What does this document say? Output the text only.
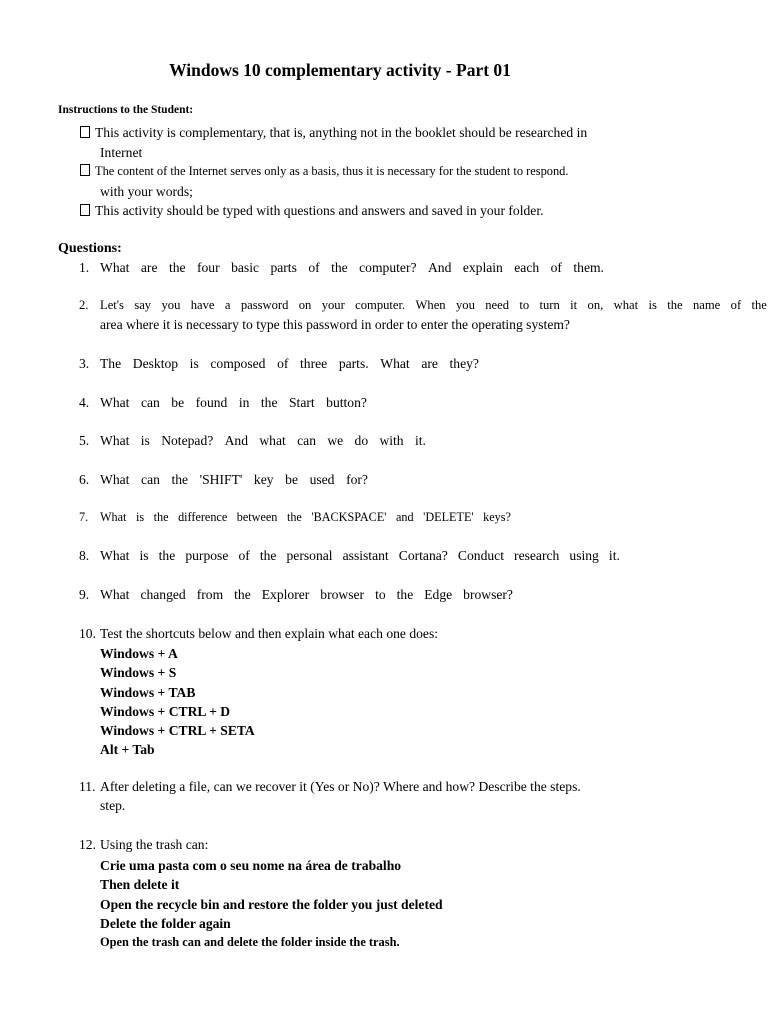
Windows 10 complementary activity - Part 01
Instructions to the Student:
This activity is complementary, that is, anything not in the booklet should be researched in
Internet
The content of the Internet serves only as a basis, thus it is necessary for the student to respond.
with your words;
This activity should be typed with questions and answers and saved in your folder.
Questions:
1. What are the four basic parts of the computer? And explain each of them.
2. Let's say you have a password on your computer. When you need to turn it on, what is the name of the
area where it is necessary to type this password in order to enter the operating system?
3. The Desktop is composed of three parts. What are they?
4. What can be found in the Start button?
5. What is Notepad? And what can we do with it.
6. What can the 'SHIFT' key be used for?
7. What is the difference between the 'BACKSPACE' and 'DELETE' keys?
8. What is the purpose of the personal assistant Cortana? Conduct research using it.
9. What changed from the Explorer browser to the Edge browser?
10. Test the shortcuts below and then explain what each one does:
Windows + A
Windows + S
Windows + TAB
Windows + CTRL + D
Windows + CTRL + SETA
Alt + Tab
11. After deleting a file, can we recover it (Yes or No)? Where and how? Describe the steps.
step.
12. Using the trash can:
Crie uma pasta com o seu nome na área de trabalho
Then delete it
Open the recycle bin and restore the folder you just deleted
Delete the folder again
Open the trash can and delete the folder inside the trash.
